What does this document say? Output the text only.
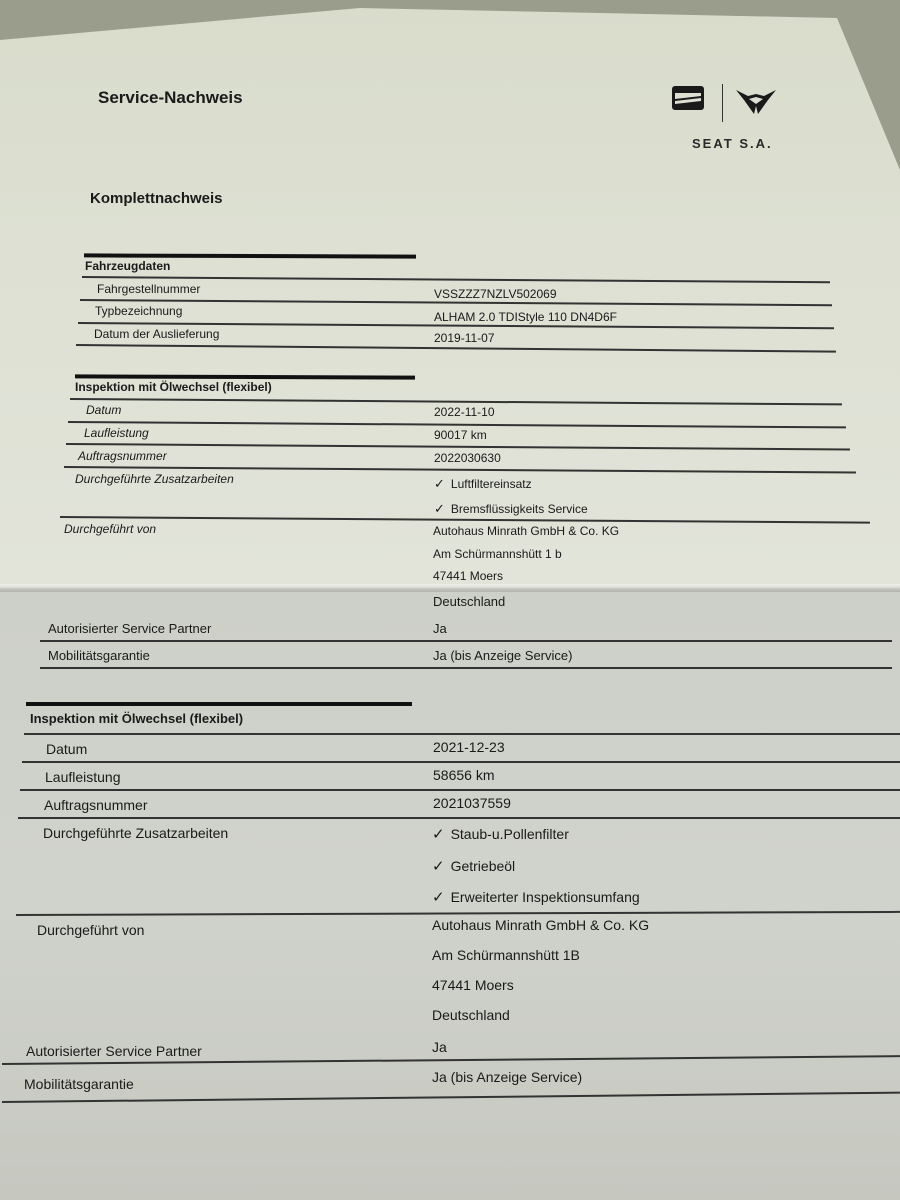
Service-Nachweis
Komplettnachweis
SEAT S.A.
Fahrzeugdaten
Fahrgestellnummer	VSSZZZ7NZLV502069
Typbezeichnung	ALHAM 2.0 TDIStyle 110 DN4D6F
Datum der Auslieferung	2019-11-07
Inspektion mit Ölwechsel (flexibel)
Datum	2022-11-10
Laufleistung	90017 km
Auftragsnummer	2022030630
Durchgeführte Zusatzarbeiten	✓ Luftfiltereinsatz
✓ Bremsflüssigkeits Service
Durchgeführt von	Autohaus Minrath GmbH & Co. KG
Am Schürmannshütt 1 b
47441 Moers
Deutschland
Autorisierter Service Partner	Ja
Mobilitätsgarantie	Ja (bis Anzeige Service)
Inspektion mit Ölwechsel (flexibel)
Datum	2021-12-23
Laufleistung	58656 km
Auftragsnummer	2021037559
Durchgeführte Zusatzarbeiten	✓ Staub-u.Pollenfilter
✓ Getriebeöl
✓ Erweiterter Inspektionsumfang
Durchgeführt von	Autohaus Minrath GmbH & Co. KG
Am Schürmannshütt 1B
47441 Moers
Deutschland
Autorisierter Service Partner	Ja
Mobilitätsgarantie	Ja (bis Anzeige Service)
